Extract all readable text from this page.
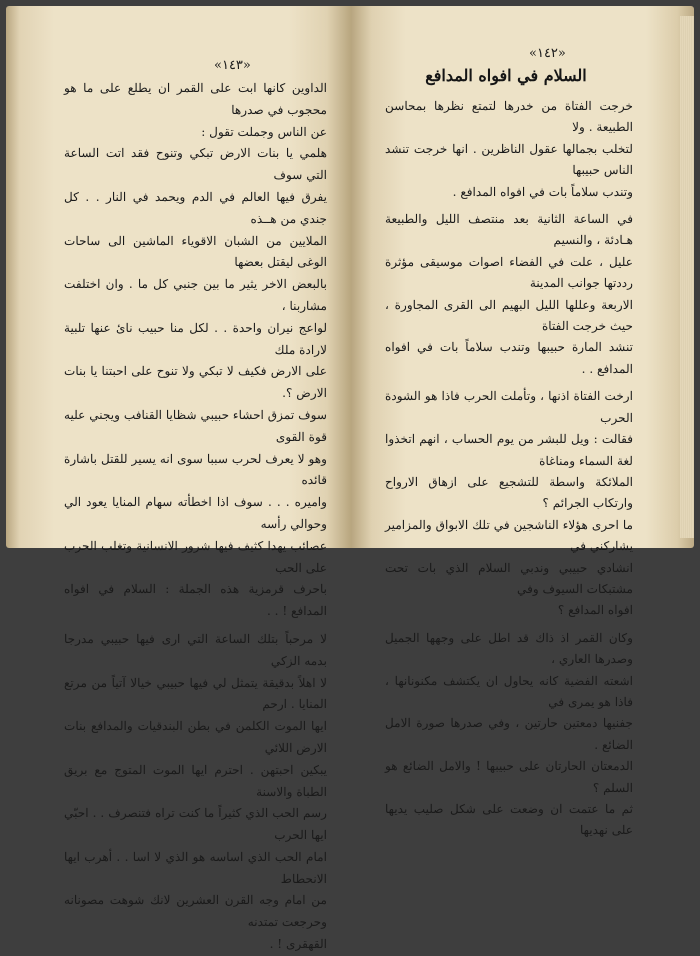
«١٤٣»

الداوين كانها ابت على القمر ان يطلع على ما هو محجوب في صدرها

عن الناس وجملت تقول :

هلمي يا بنات الارض تبكي وتنوح فقد اتت الساعة التي سوف

يفرق فيها العالم في الدم ويحمد في النار . . كل جندي من هــذه

الملايين من الشبان الاقوياء الماشين الى ساحات الوغى ليقتل بعضها

بالبعض الاخر يثير ما بين جنبي كل ما . وان اختلفت مشاربنا ،

لواعج نيران واحدة . . لكل منا حبيب نائ عنها تلبية لارادة ملك

على الارض فكيف لا تبكي ولا تنوح على احبتنا يا بنات الارض ؟.

سوف تمزق احشاء حبيبي شظايا القنافب ويجني عليه قوة القوى

وهو لا يعرف لحرب سببا سوى انه يسير للقتل باشارة قائده

واميره . . . سوف اذا اخطأته سهام المنايا يعود الي وحوالي رأسه

عصائب يهدا كثيف فيها شرور الانسانية وتغلب الحرب على الحب

باحرف قرمزية هذه الجملة : السلام في افواه المدافع ! . .

لا مرحباً بتلك الساعة التي ارى فيها حبيبي مدرجا بدمه الزكي

لا اهلاً بدقيقة يتمثل لي فيها حبيبي خيالا آتياً من مرتع المنايا . ارحم

ايها الموت الكلمن في بطن البندقيات والمدافع بنات الارض اللائي

يبكين احبتهن . احترم ايها الموت المتوج مع بريق الطباة والاسنة

رسم الحب الذي كثيراً ما كنت تراه فتنصرف . . احبّي ايها الحرب

امام الحب الذي اساسه هو الذي لا اسا . . أهرب ايها الانحطاط

من امام وجه القرن العشرين لانك شوهت مصونانه وحرجعت تمتدنه

القهقرى ! .

«١٤٢»
السلام في افواه المدافع

خرجت الفتاة من خدرها لتمتع نظرها بمحاسن الطبيعة . ولا

لتخلب بجمالها عقول الناظرين . انها خرجت تنشد الناس حبيبها

وتندب سلاماً بات في افواه المدافع .

في الساعة الثانية بعد منتصف الليل والطبيعة هـادئة ، والنسيم

عليل ، علت في الفضاء اصوات موسيقى مؤثرة رددتها جوانب المدينة

الاربعة وعللها الليل البهيم الى القرى المجاورة ، حيث خرجت الفتاة

تنشد المارة حبيبها وتندب سلاماً بات في افواه المدافع . .

ارخت الفتاة اذنها ، وتأملت الحرب فاذا هو الشودة الحرب

فقالت : ويل للبشر من يوم الحساب ، انهم اتخذوا لغة السماء ومناغاة

الملائكة واسطة للتشجيع على ازهاق الارواح وارتكاب الجرائم ؟

ما احرى هؤلاء الناشجين في تلك الابواق والمزامير يشاركني في

انشادي حبيبي وندبي السلام الذي بات تحت مشتبكات السيوف وفي

افواه المدافع ؟

وكان القمر اذ ذاك قد اطل على وجهها الجميل وصدرها العاري ،

اشعته الفضية كانه يحاول ان يكتشف مكنونانها ، فاذا هو يمرى في

جفنيها دمعتين حارتين ، وفي صدرها صورة الامل الضائع .

الدمعتان الحارتان على حبيبها ! والامل الضائع هو السلم ؟

ثم ما عتمت ان وضعت على شكل صليب يديها على نهديها
